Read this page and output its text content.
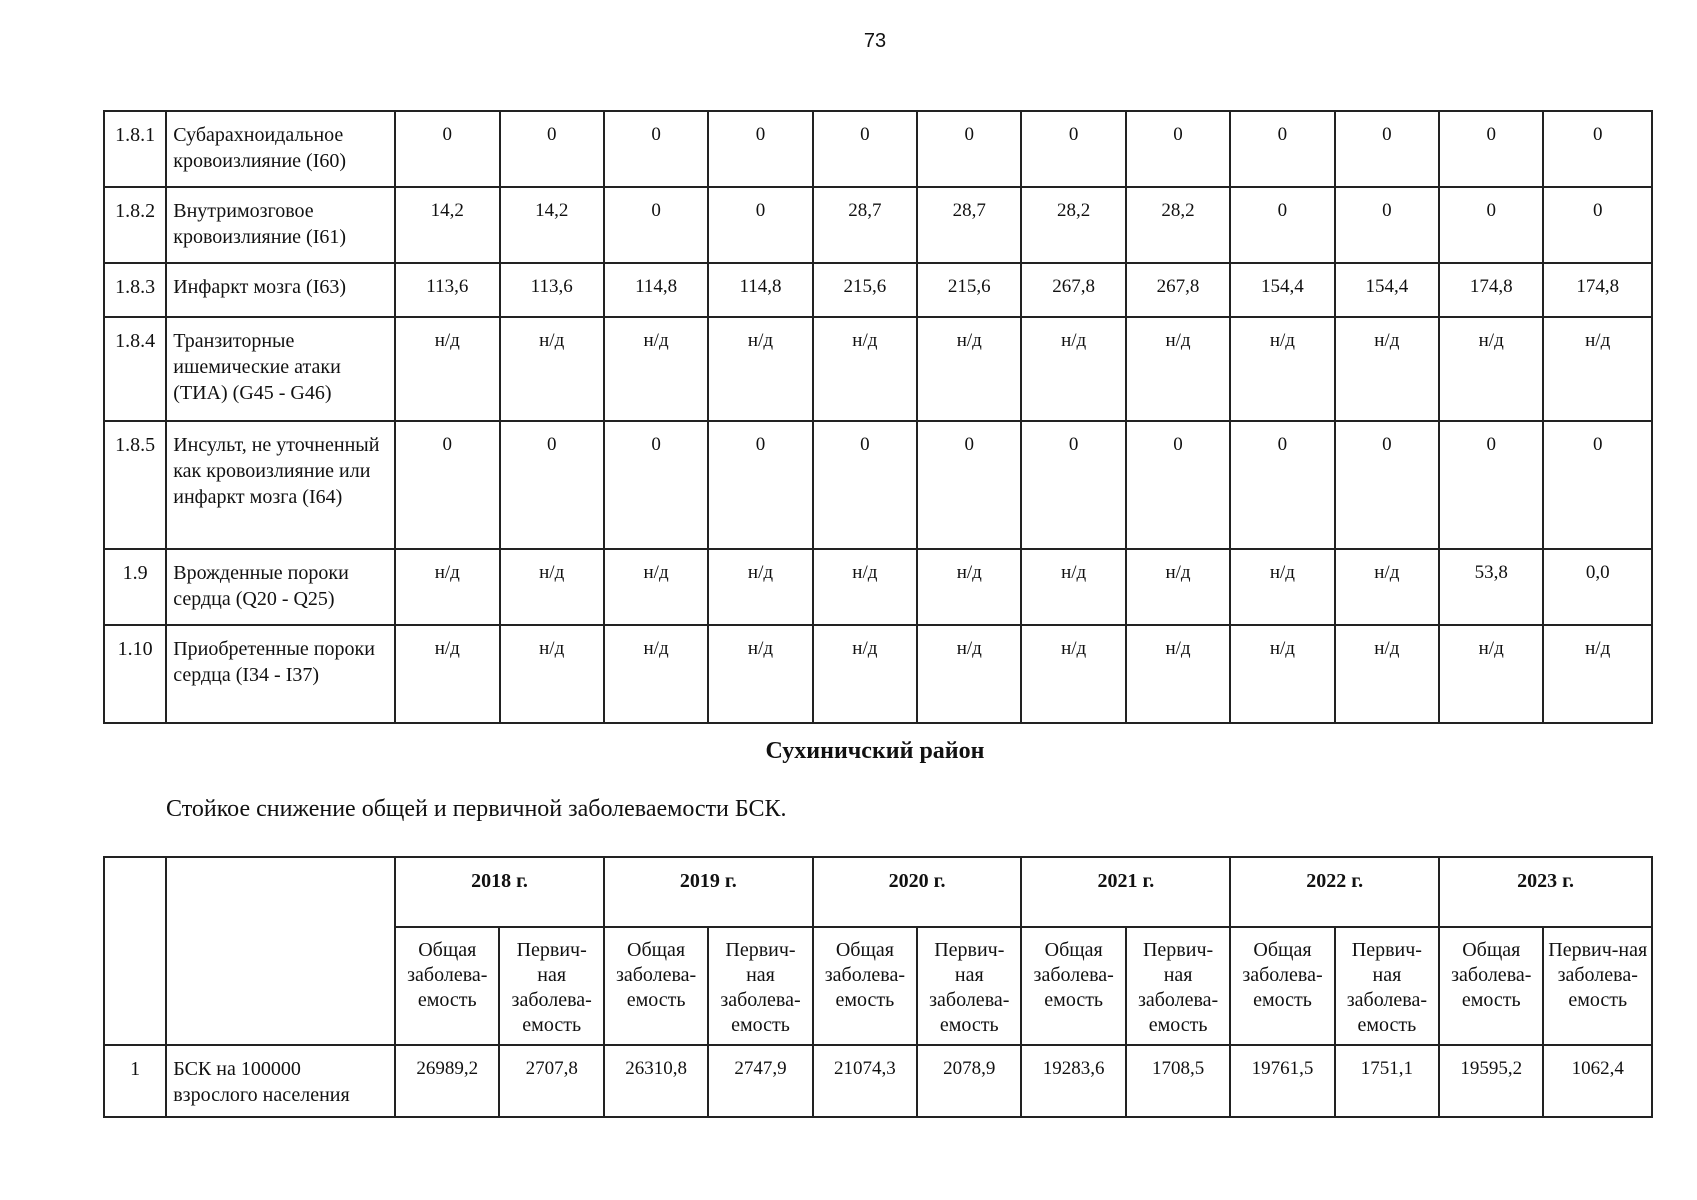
73
1.8.1	Субарахноидальное кровоизлияние (I60)	0	0	0	0	0	0	0	0	0	0	0	0
1.8.2	Внутримозговое кровоизлияние (I61)	14,2	14,2	0	0	28,7	28,7	28,2	28,2	0	0	0	0
1.8.3	Инфаркт мозга (I63)	113,6	113,6	114,8	114,8	215,6	215,6	267,8	267,8	154,4	154,4	174,8	174,8
1.8.4	Транзиторные ишемические атаки (ТИА) (G45 - G46)	н/д	н/д	н/д	н/д	н/д	н/д	н/д	н/д	н/д	н/д	н/д	н/д
1.8.5	Инсульт, не уточненный как кровоизлияние или инфаркт мозга (I64)	0	0	0	0	0	0	0	0	0	0	0	0
1.9	Врожденные пороки сердца (Q20 - Q25)	н/д	н/д	н/д	н/д	н/д	н/д	н/д	н/д	н/д	н/д	53,8	0,0
1.10	Приобретенные пороки сердца (I34 - I37)	н/д	н/д	н/д	н/д	н/д	н/д	н/д	н/д	н/д	н/д	н/д	н/д
Сухиничский район
Стойкое снижение общей и первичной заболеваемости БСК.
		2018 г.		2019 г.		2020 г.		2021 г.		2022 г.		2023 г.	
		Общая заболева-емость	Первич-ная заболева-емость	Общая заболева-емость	Первич-ная заболева-емость	Общая заболева-емость	Первич-ная заболева-емость	Общая заболева-емость	Первич-ная заболева-емость	Общая заболева-емость	Первич-ная заболева-емость	Общая заболева-емость	Первич-ная заболева-емость
1	БСК на 100000 взрослого населения	26989,2	2707,8	26310,8	2747,9	21074,3	2078,9	19283,6	1708,5	19761,5	1751,1	19595,2	1062,4
